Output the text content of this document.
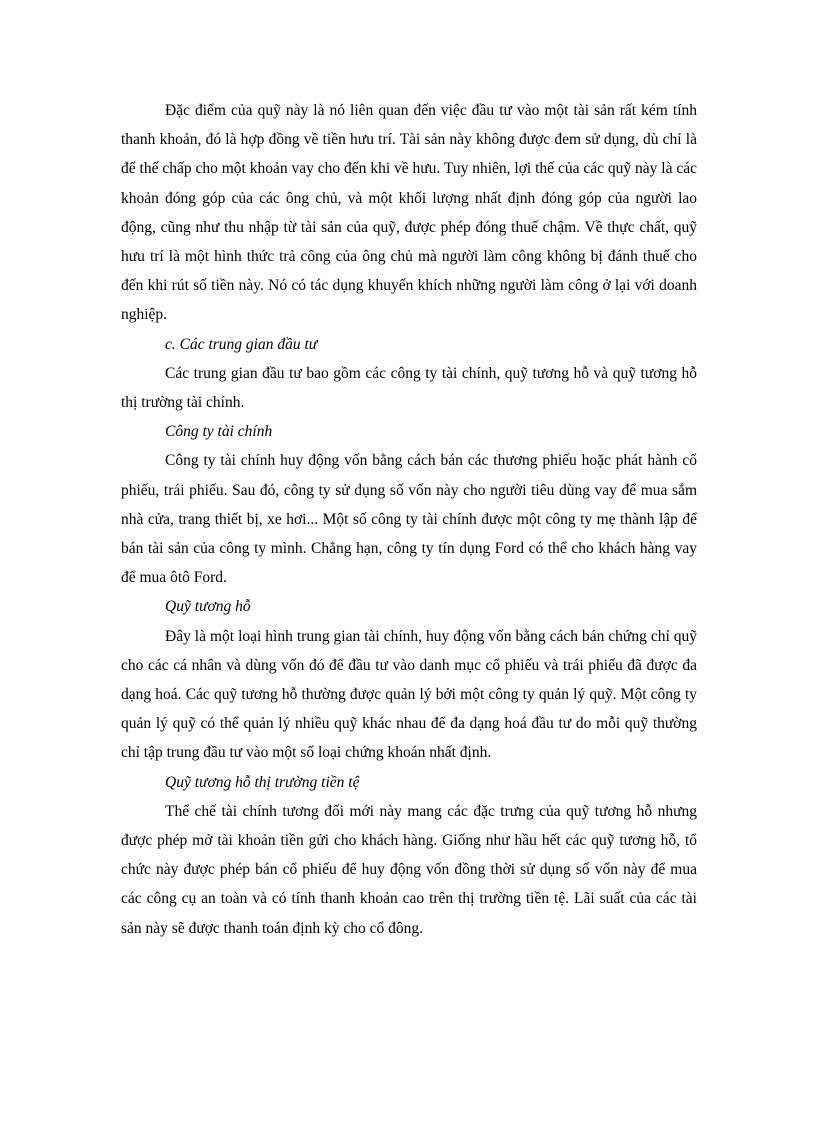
Đặc điểm của quỹ này là nó liên quan đến việc đầu tư vào một tài sản rất kém tính thanh khoản, đó là hợp đồng về tiền hưu trí. Tài sản này không được đem sử dụng, dù chỉ là để thế chấp cho một khoản vay cho đến khi về hưu. Tuy nhiên, lợi thế của các quỹ này là các khoản đóng góp của các ông chủ, và một khối lượng nhất định đóng góp của người lao động, cũng như thu nhập từ tài sản của quỹ, được phép đóng thuế chậm. Về thực chất, quỹ hưu trí là một hình thức trả công của ông chủ mà người làm công không bị đánh thuế cho đến khi rút số tiền này. Nó có tác dụng khuyến khích những người làm công ở lại với doanh nghiệp.

c. Các trung gian đầu tư

Các trung gian đầu tư bao gồm các công ty tài chính, quỹ tương hỗ và quỹ tương hỗ thị trường tài chính.

Công ty tài chính

Công ty tài chính huy động vốn bằng cách bán các thương phiếu hoặc phát hành cổ phiếu, trái phiếu. Sau đó, công ty sử dụng số vốn này cho người tiêu dùng vay để mua sắm nhà cửa, trang thiết bị, xe hơi... Một số công ty tài chính được một công ty mẹ thành lập để bán tài sản của công ty mình. Chẳng hạn, công ty tín dụng Ford có thể cho khách hàng vay để mua ôtô Ford.

Quỹ tương hỗ

Đây là một loại hình trung gian tài chính, huy động vốn bằng cách bán chứng chỉ quỹ cho các cá nhân và dùng vốn đó để đầu tư vào danh mục cổ phiếu và trái phiếu đã được đa dạng hoá. Các quỹ tương hỗ thường được quản lý bởi một công ty quản lý quỹ. Một công ty quản lý quỹ có thể quản lý nhiều quỹ khác nhau để đa dạng hoá đầu tư do mỗi quỹ thường chỉ tập trung đầu tư vào một số loại chứng khoán nhất định.

Quỹ tương hỗ thị trường tiền tệ

Thể chế tài chính tương đối mới này mang các đặc trưng của quỹ tương hỗ nhưng được phép mở tài khoản tiền gửi cho khách hàng. Giống như hầu hết các quỹ tương hỗ, tổ chức này được phép bán cổ phiếu để huy động vốn đồng thời sử dụng số vốn này để mua các công cụ an toàn và có tính thanh khoản cao trên thị trường tiền tệ. Lãi suất của các tài sản này sẽ được thanh toán định kỳ cho cổ đông.
